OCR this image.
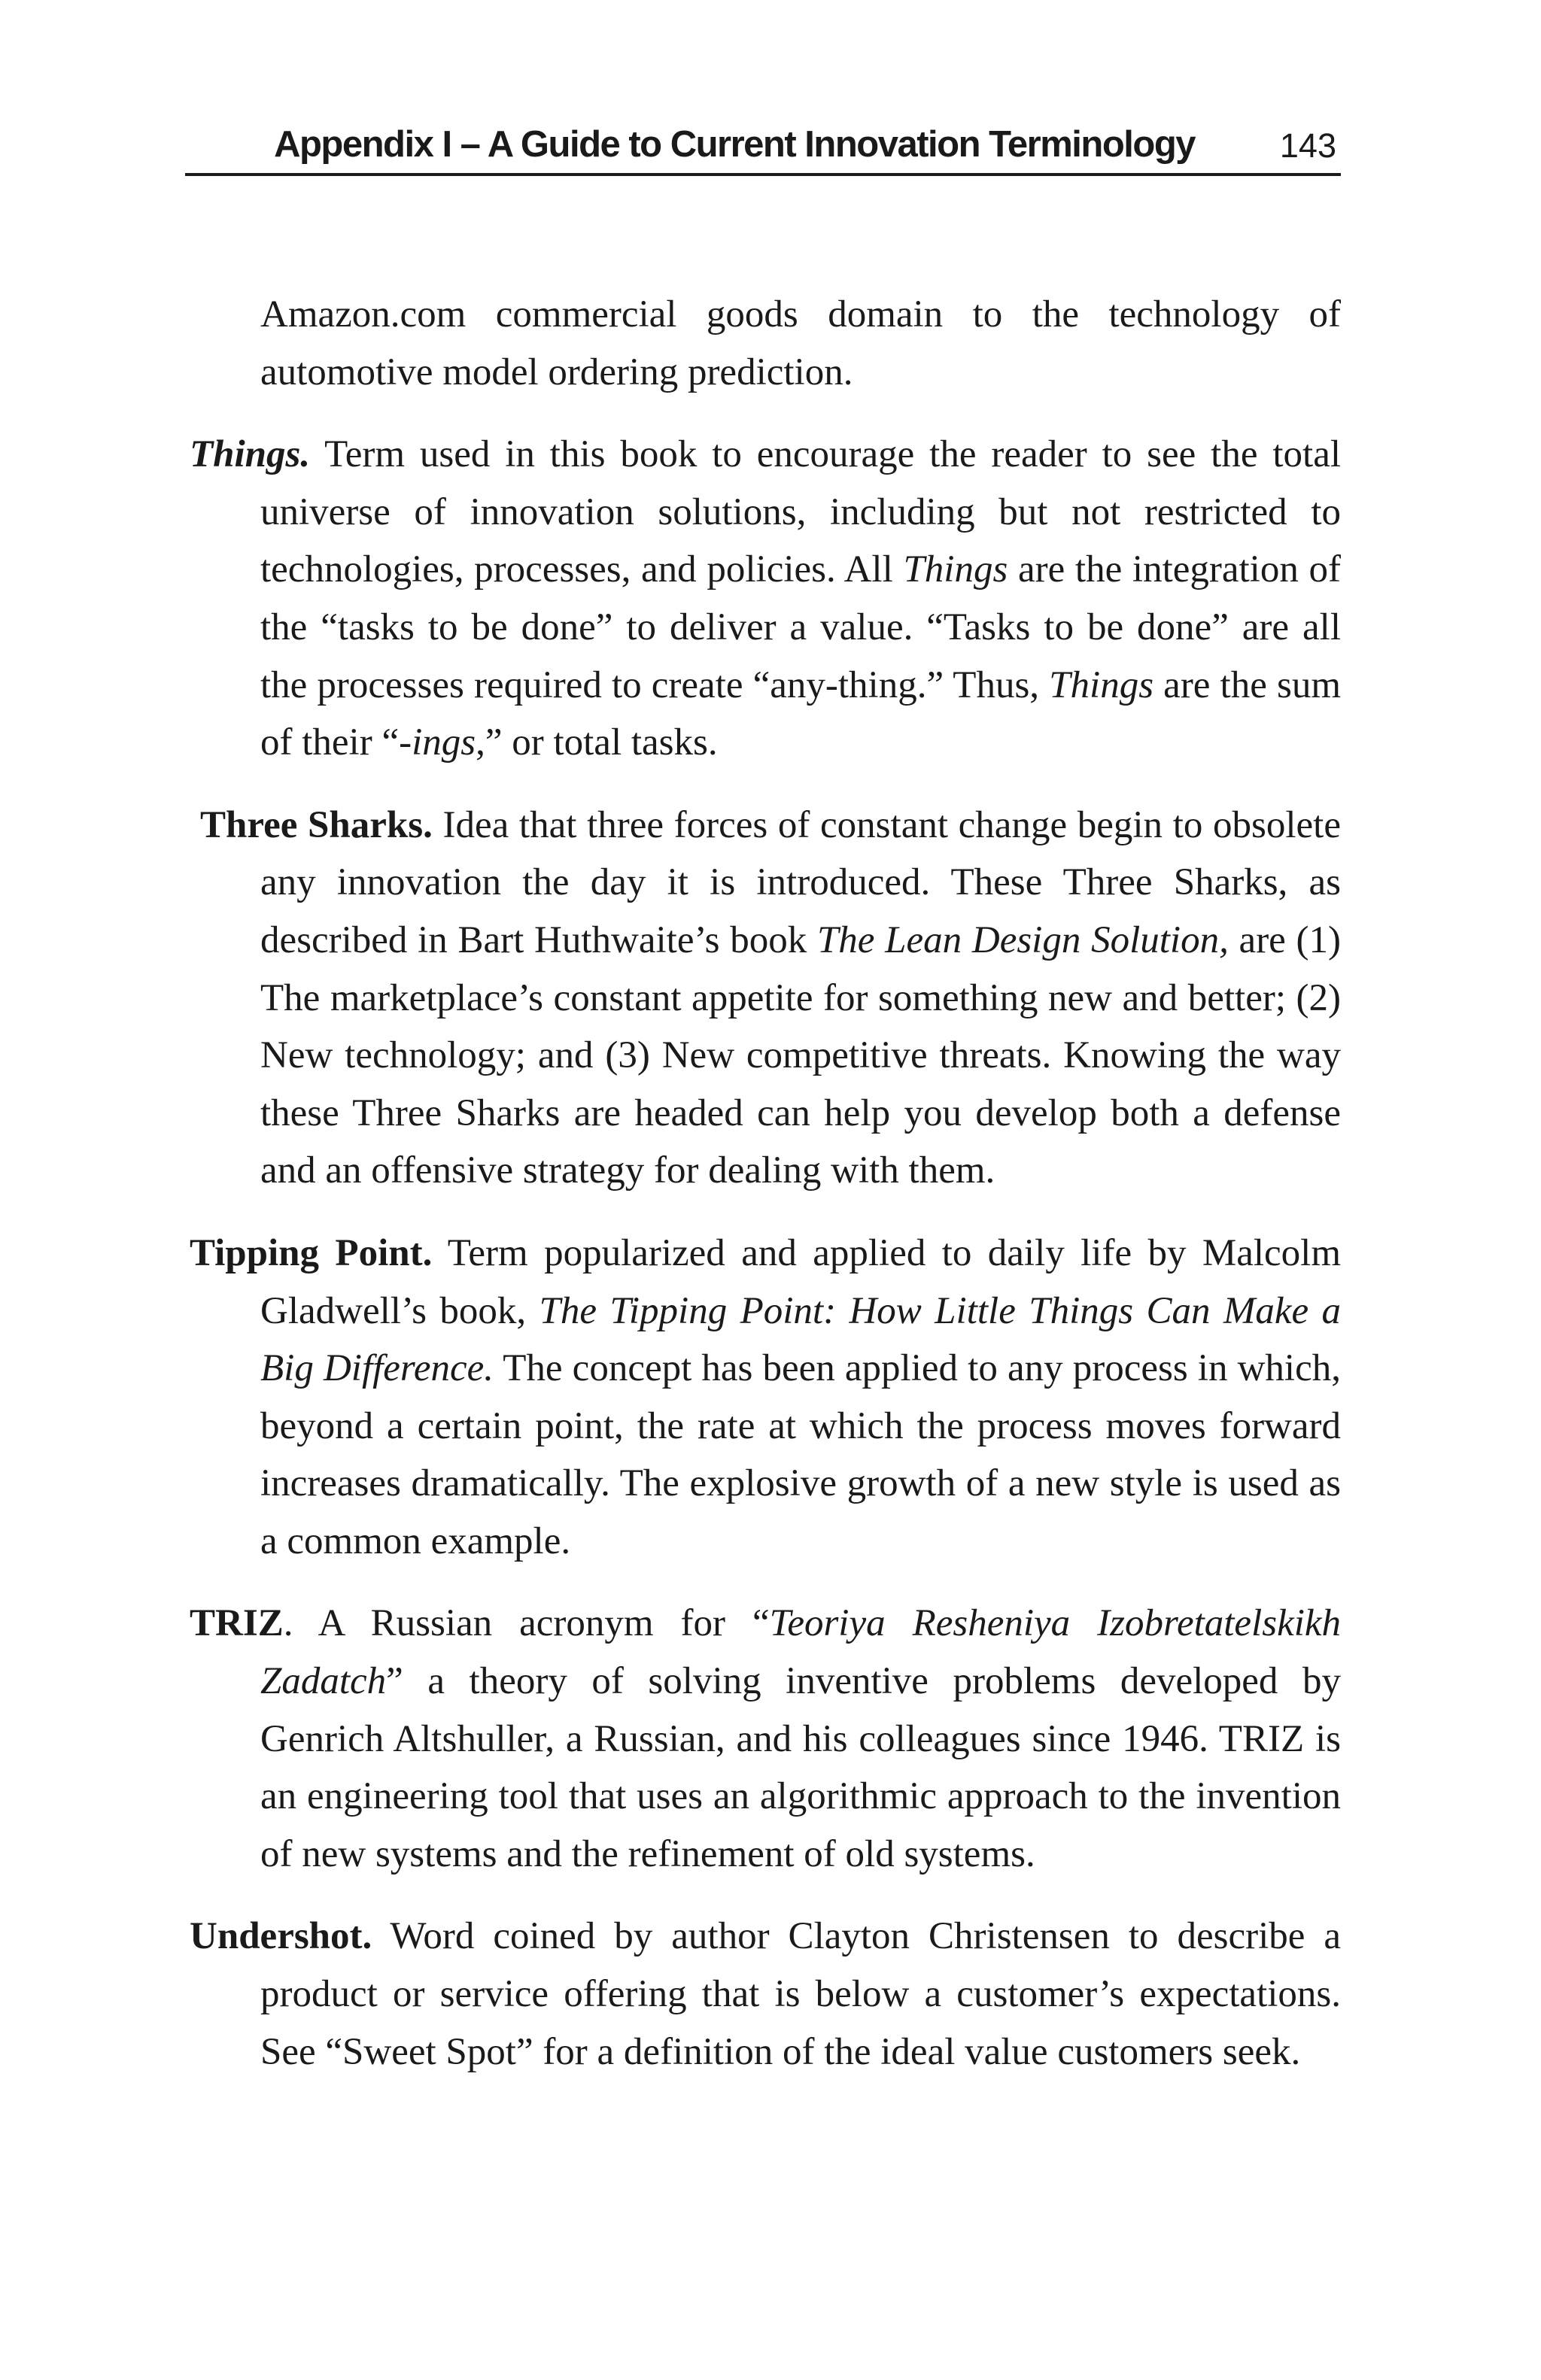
Appendix I – A Guide to Current Innovation Terminology	143

Amazon.com commercial goods domain to the technology of automotive model ordering prediction.

Things. Term used in this book to encourage the reader to see the total universe of innovation solutions, including but not restricted to technologies, processes, and policies. All Things are the integration of the “tasks to be done” to deliver a value. “Tasks to be done” are all the processes required to create “any-thing.” Thus, Things are the sum of their “-ings,” or total tasks.

Three Sharks. Idea that three forces of constant change begin to obsolete any innovation the day it is introduced. These Three Sharks, as described in Bart Huthwaite’s book The Lean Design Solution, are (1) The marketplace’s constant appetite for something new and better; (2) New technology; and (3) New competitive threats. Knowing the way these Three Sharks are headed can help you develop both a defense and an offensive strategy for dealing with them.

Tipping Point. Term popularized and applied to daily life by Malcolm Gladwell’s book, The Tipping Point: How Little Things Can Make a Big Difference. The concept has been applied to any process in which, beyond a certain point, the rate at which the process moves forward increases dramatically. The explosive growth of a new style is used as a common example.

TRIZ. A Russian acronym for “Teoriya Resheniya Izobretatelskikh Zadatch” a theory of solving inventive problems developed by Genrich Altshuller, a Russian, and his colleagues since 1946. TRIZ is an engineering tool that uses an algorithmic approach to the invention of new systems and the refinement of old systems.

Undershot. Word coined by author Clayton Christensen to describe a product or service offering that is below a customer’s expectations. See “Sweet Spot” for a definition of the ideal value customers seek.
